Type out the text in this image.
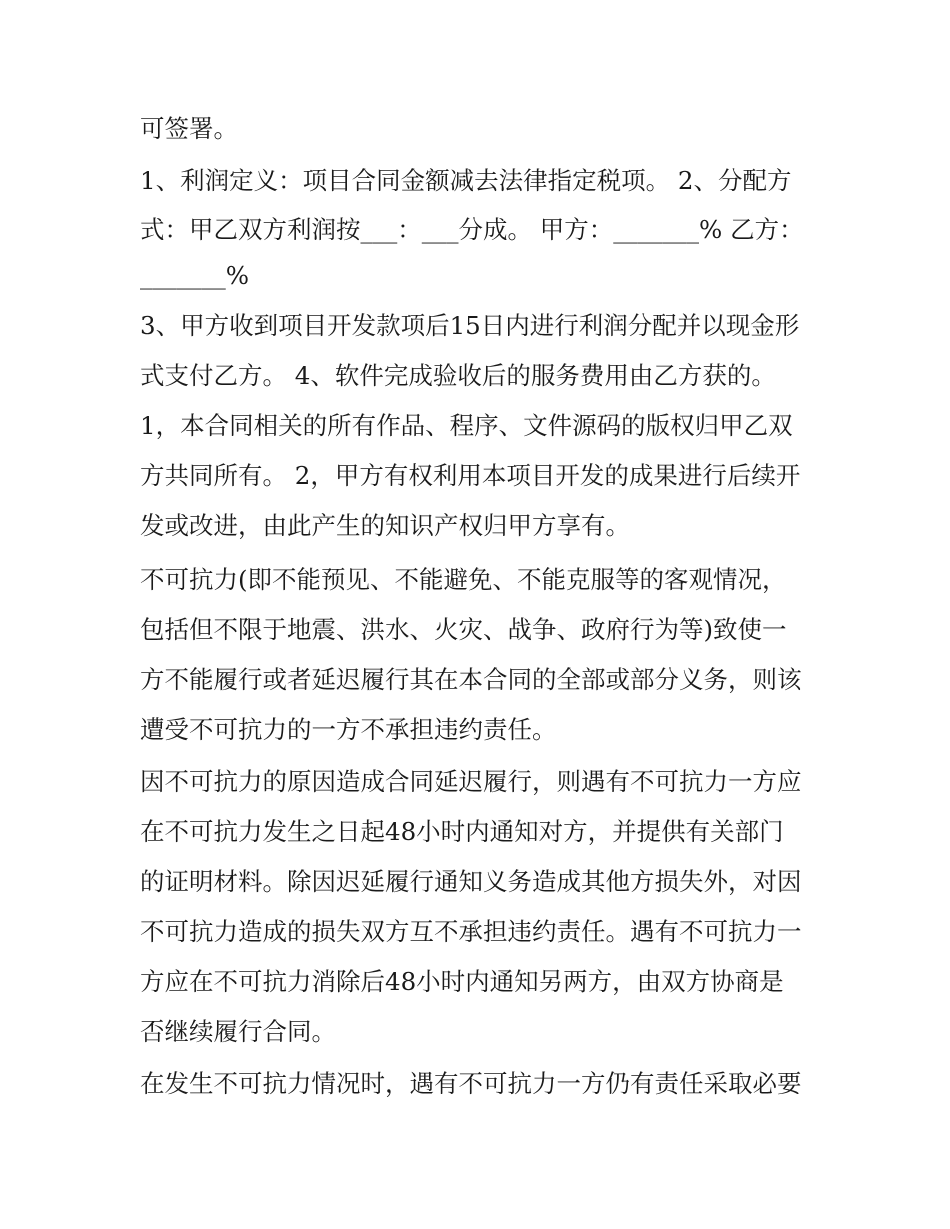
可签署。
1、利润定义：项目合同金额减去法律指定税项。 2、分配方
式：甲乙双方利润按___：___分成。 甲方：_______% 乙方：
_______%
3、甲方收到项目开发款项后15日内进行利润分配并以现金形
式支付乙方。 4、软件完成验收后的服务费用由乙方获的。
1，本合同相关的所有作品、程序、文件源码的版权归甲乙双
方共同所有。 2，甲方有权利用本项目开发的成果进行后续开
发或改进，由此产生的知识产权归甲方享有。
不可抗力(即不能预见、不能避免、不能克服等的客观情况，
包括但不限于地震、洪水、火灾、战争、政府行为等)致使一
方不能履行或者延迟履行其在本合同的全部或部分义务，则该
遭受不可抗力的一方不承担违约责任。
因不可抗力的原因造成合同延迟履行，则遇有不可抗力一方应
在不可抗力发生之日起48小时内通知对方，并提供有关部门
的证明材料。除因迟延履行通知义务造成其他方损失外，对因
不可抗力造成的损失双方互不承担违约责任。遇有不可抗力一
方应在不可抗力消除后48小时内通知另两方，由双方协商是
否继续履行合同。
在发生不可抗力情况时，遇有不可抗力一方仍有责任采取必要
